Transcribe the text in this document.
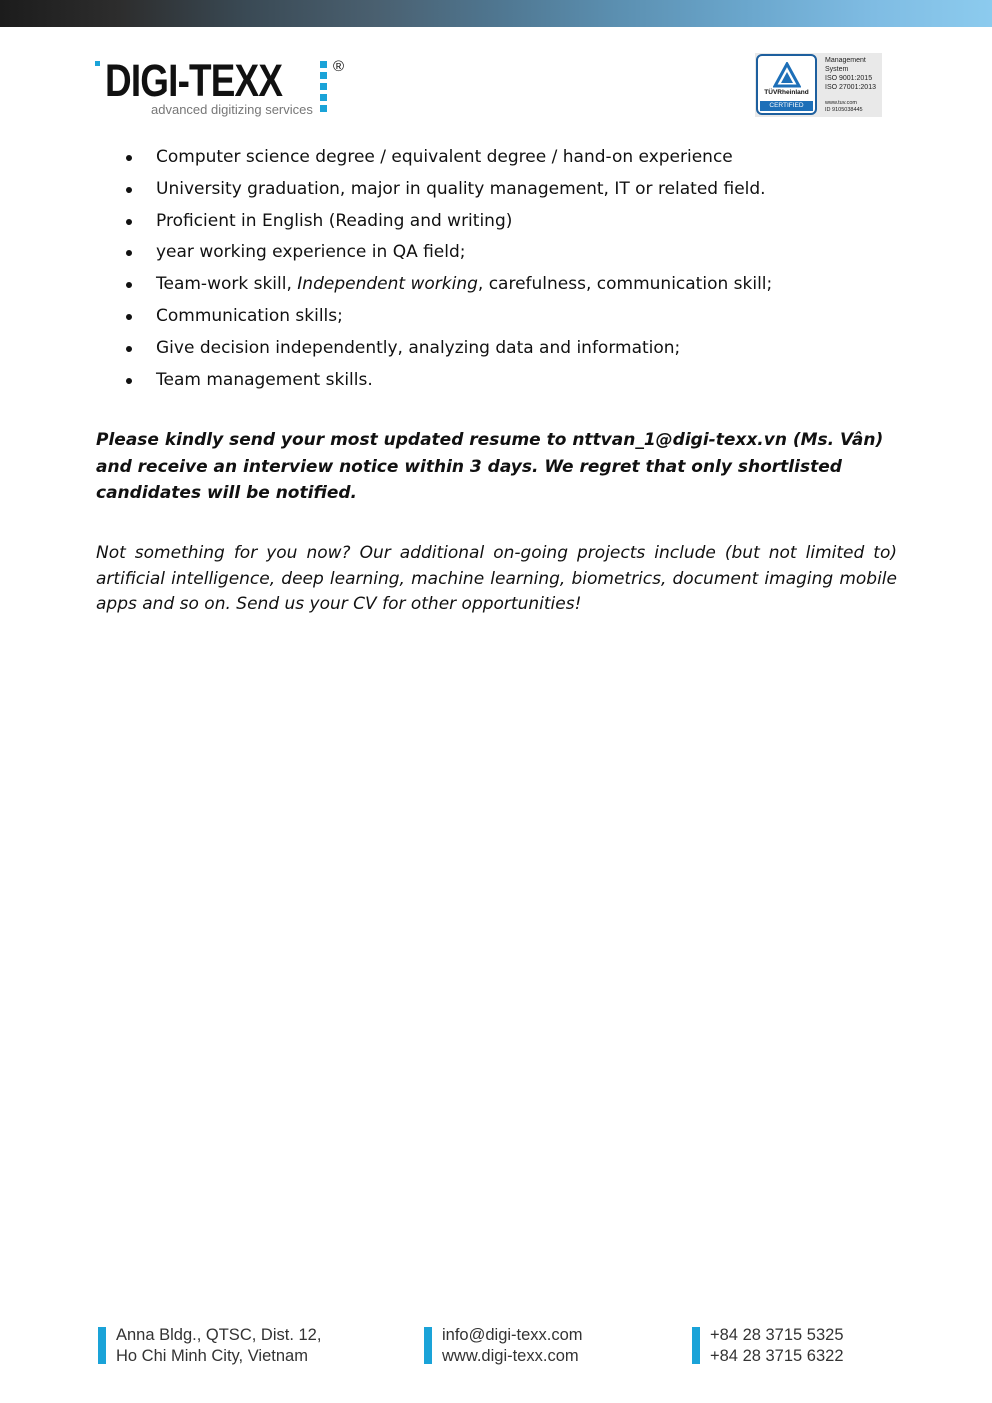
DIGI-TEXX	®
advanced digitizing services
TÜVRheinland
CERTIFIED
Management
System
ISO 9001:2015
ISO 27001:2013
www.tuv.com
ID 9105038445
Computer science degree / equivalent degree / hand-on experience
University graduation, major in quality management, IT or related field.
Proficient in English (Reading and writing)
year working experience in QA field;
Team-work skill, Independent working, carefulness, communication skill;
Communication skills;
Give decision independently, analyzing data and information;
Team management skills.

Please kindly send your most updated resume to nttvan_1@digi-texx.vn (Ms. Vân) and receive an interview notice within 3 days. We regret that only shortlisted candidates will be notified.

Not something for you now? Our additional on-going projects include (but not limited to) artificial intelligence, deep learning, machine learning, biometrics, document imaging mobile apps and so on. Send us your CV for other opportunities!

Anna Bldg., QTSC, Dist. 12,
Ho Chi Minh City, Vietnam
info@digi-texx.com
www.digi-texx.com
+84 28 3715 5325
+84 28 3715 6322
